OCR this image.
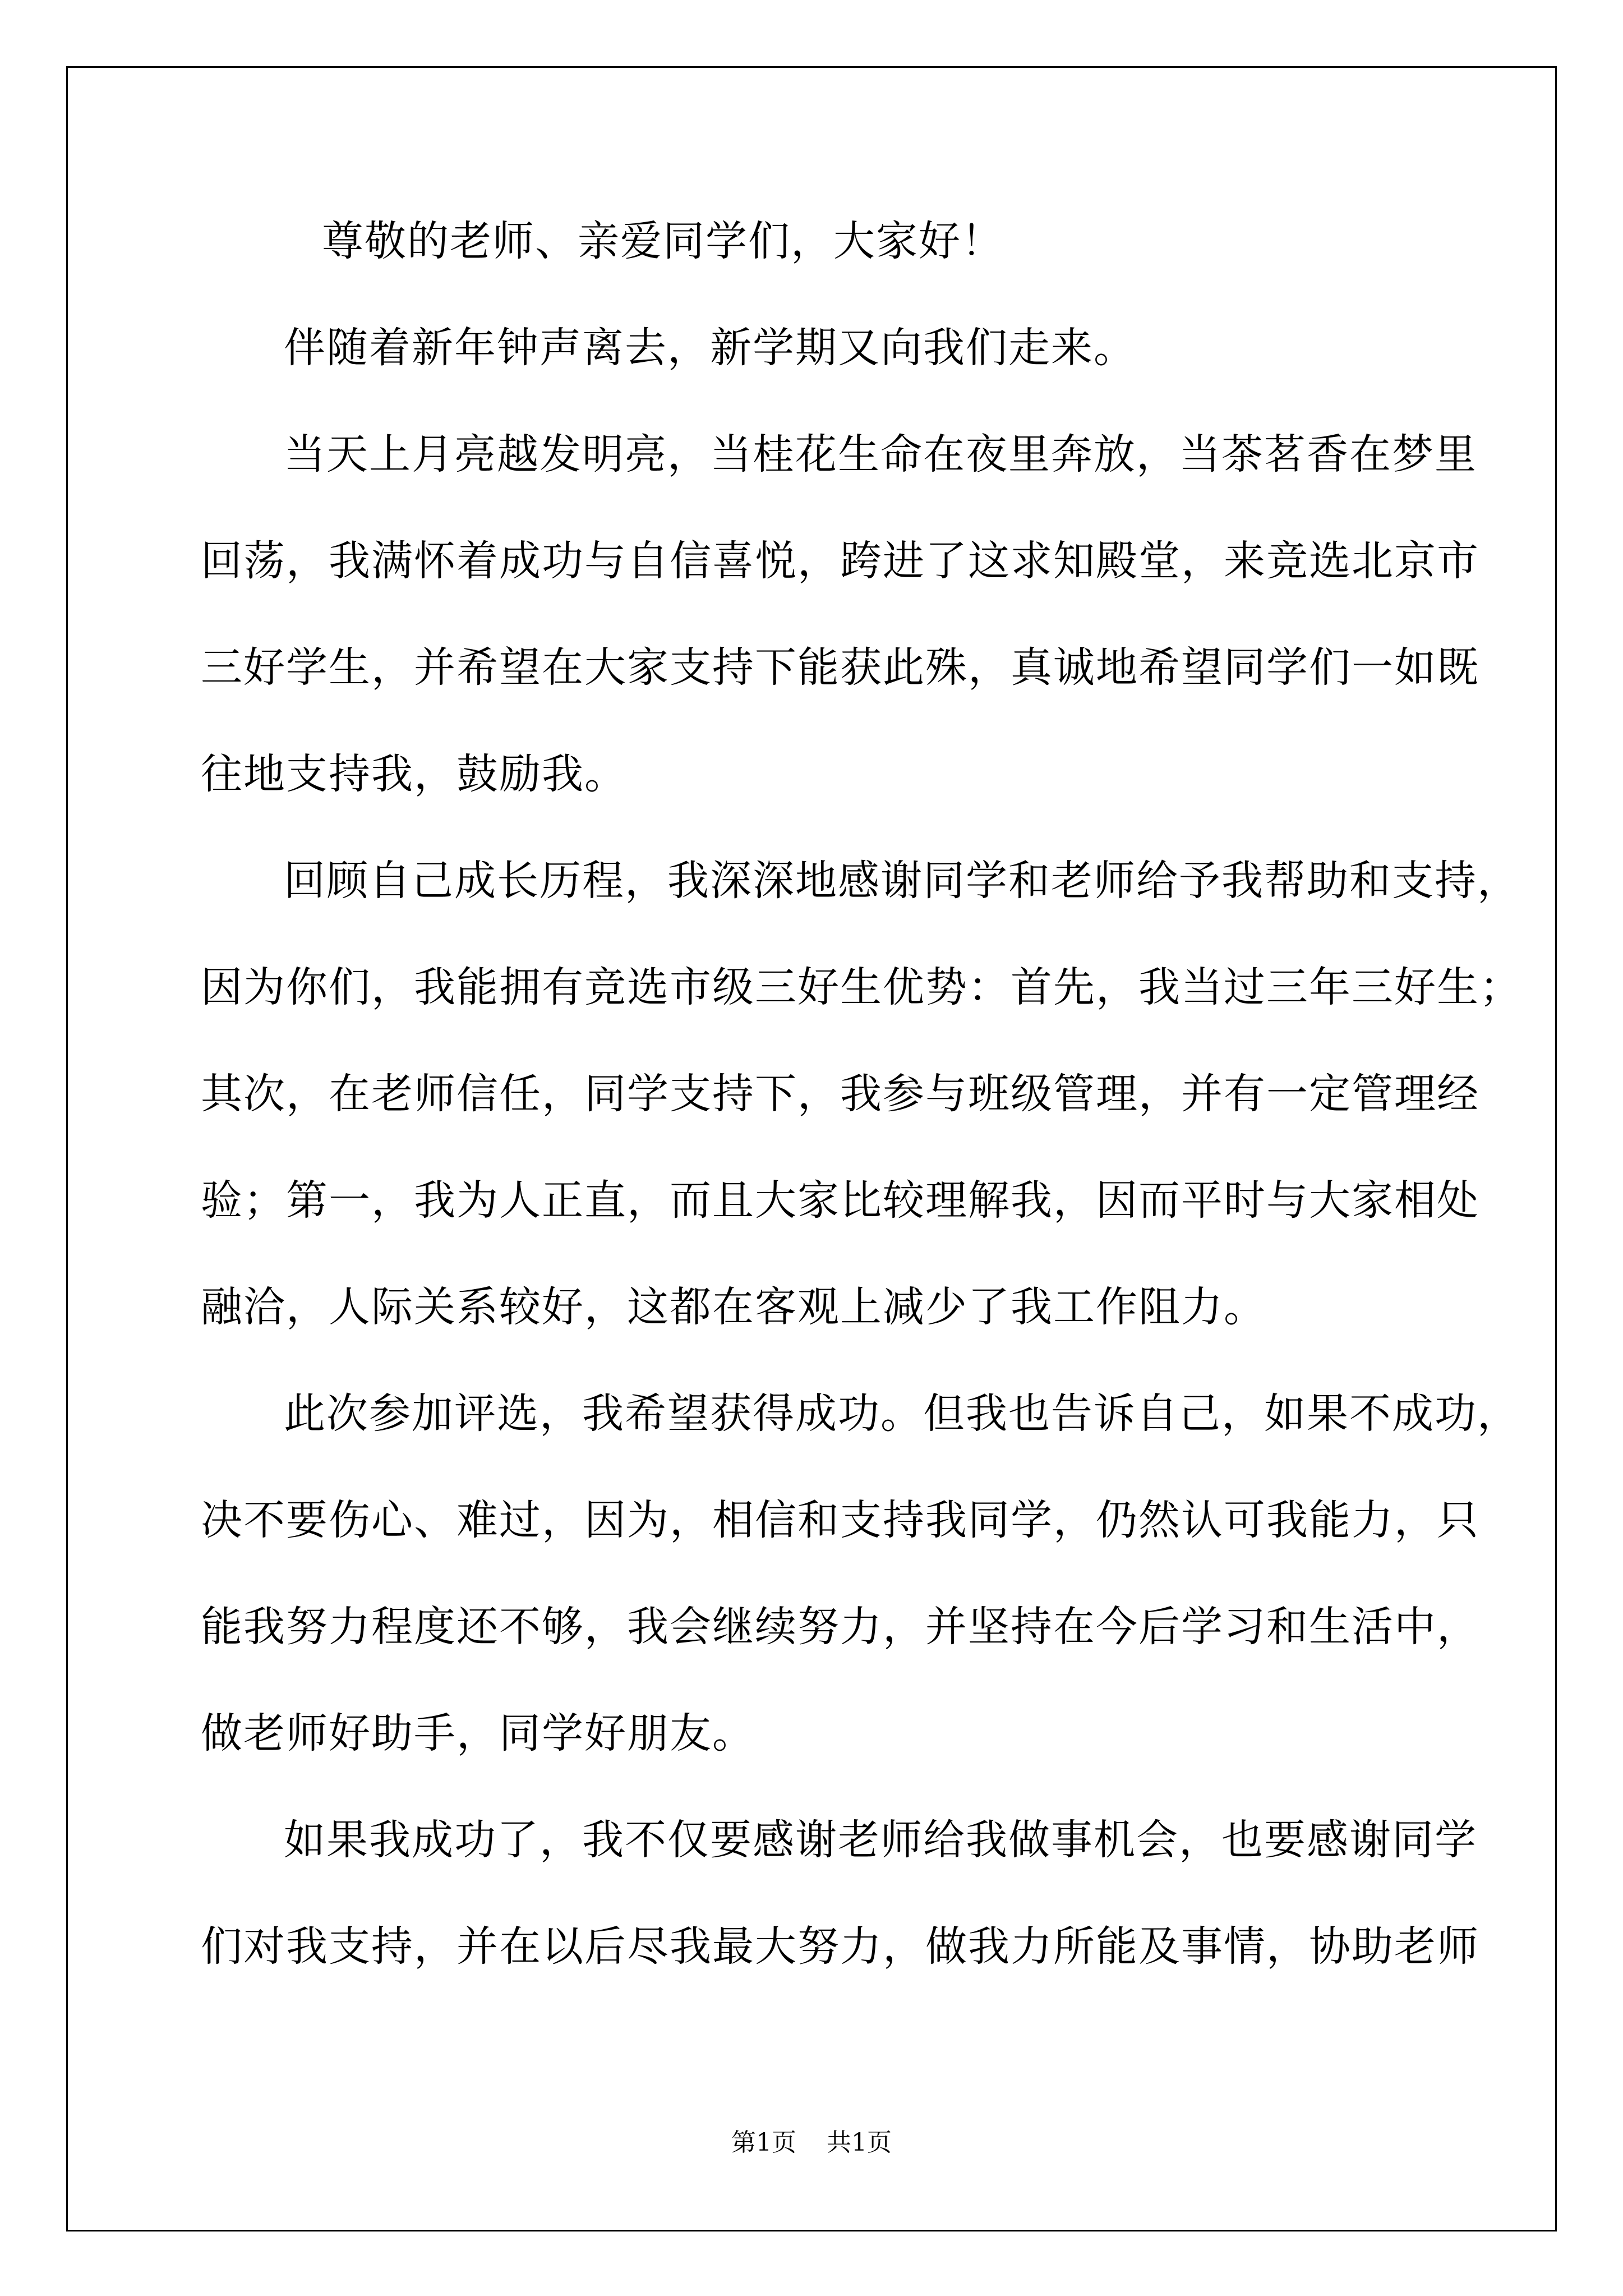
尊敬的老师、亲爱同学们，大家好！
伴随着新年钟声离去，新学期又向我们走来。
当天上月亮越发明亮，当桂花生命在夜里奔放，当茶茗香在梦里
回荡，我满怀着成功与自信喜悦，跨进了这求知殿堂，来竞选北京市
三好学生，并希望在大家支持下能获此殊，真诚地希望同学们一如既
往地支持我，鼓励我。
回顾自己成长历程，我深深地感谢同学和老师给予我帮助和支持，
因为你们，我能拥有竞选市级三好生优势：首先，我当过三年三好生；
其次，在老师信任，同学支持下，我参与班级管理，并有一定管理经
验；第一，我为人正直，而且大家比较理解我，因而平时与大家相处
融洽，人际关系较好，这都在客观上减少了我工作阻力。
此次参加评选，我希望获得成功。但我也告诉自己，如果不成功，
决不要伤心、难过，因为，相信和支持我同学，仍然认可我能力，只
能我努力程度还不够，我会继续努力，并坚持在今后学习和生活中，
做老师好助手，同学好朋友。
如果我成功了，我不仅要感谢老师给我做事机会，也要感谢同学
们对我支持，并在以后尽我最大努力，做我力所能及事情，协助老师
第1页 共1页
